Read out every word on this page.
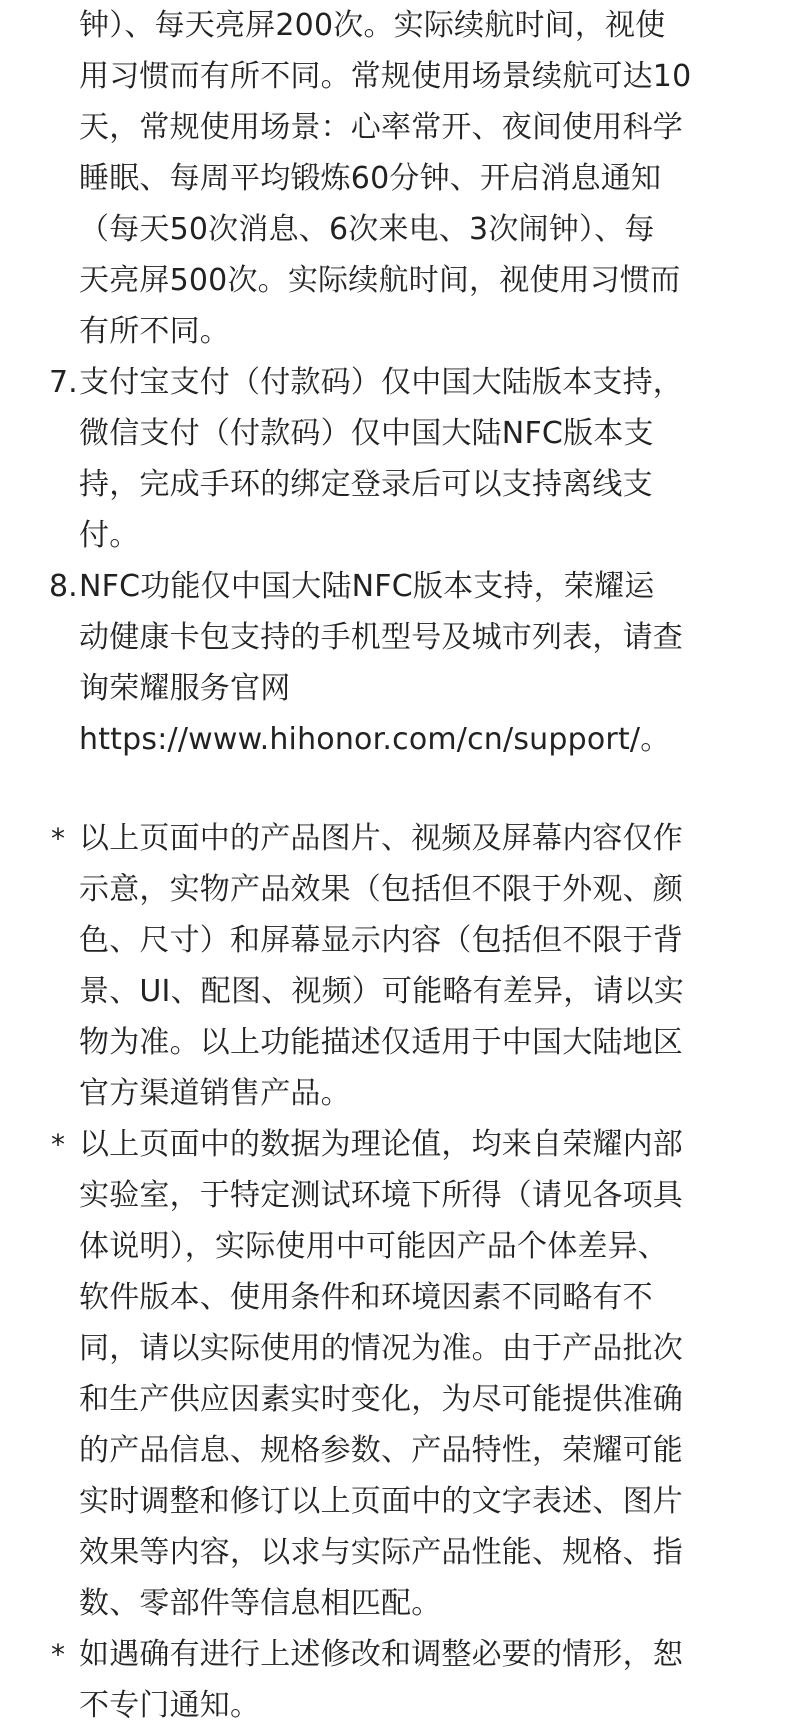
钟）、每天亮屏200次。实际续航时间，视使
用习惯而有所不同。常规使用场景续航可达10
天，常规使用场景：心率常开、夜间使用科学
睡眠、每周平均锻炼60分钟、开启消息通知
（每天50次消息、6次来电、3次闹钟）、每
天亮屏500次。实际续航时间，视使用习惯而
有所不同。
7. 支付宝支付（付款码）仅中国大陆版本支持，
微信支付（付款码）仅中国大陆NFC版本支
持，完成手环的绑定登录后可以支持离线支
付。
8. NFC功能仅中国大陆NFC版本支持，荣耀运
动健康卡包支持的手机型号及城市列表，请查
询荣耀服务官网
https://www.hihonor.com/cn/support/。
* 以上页面中的产品图片、视频及屏幕内容仅作
示意，实物产品效果（包括但不限于外观、颜
色、尺寸）和屏幕显示内容（包括但不限于背
景、UI、配图、视频）可能略有差异，请以实
物为准。以上功能描述仅适用于中国大陆地区
官方渠道销售产品。
* 以上页面中的数据为理论值，均来自荣耀内部
实验室，于特定测试环境下所得（请见各项具
体说明），实际使用中可能因产品个体差异、
软件版本、使用条件和环境因素不同略有不
同，请以实际使用的情况为准。由于产品批次
和生产供应因素实时变化，为尽可能提供准确
的产品信息、规格参数、产品特性，荣耀可能
实时调整和修订以上页面中的文字表述、图片
效果等内容，以求与实际产品性能、规格、指
数、零部件等信息相匹配。
* 如遇确有进行上述修改和调整必要的情形，恕
不专门通知。
